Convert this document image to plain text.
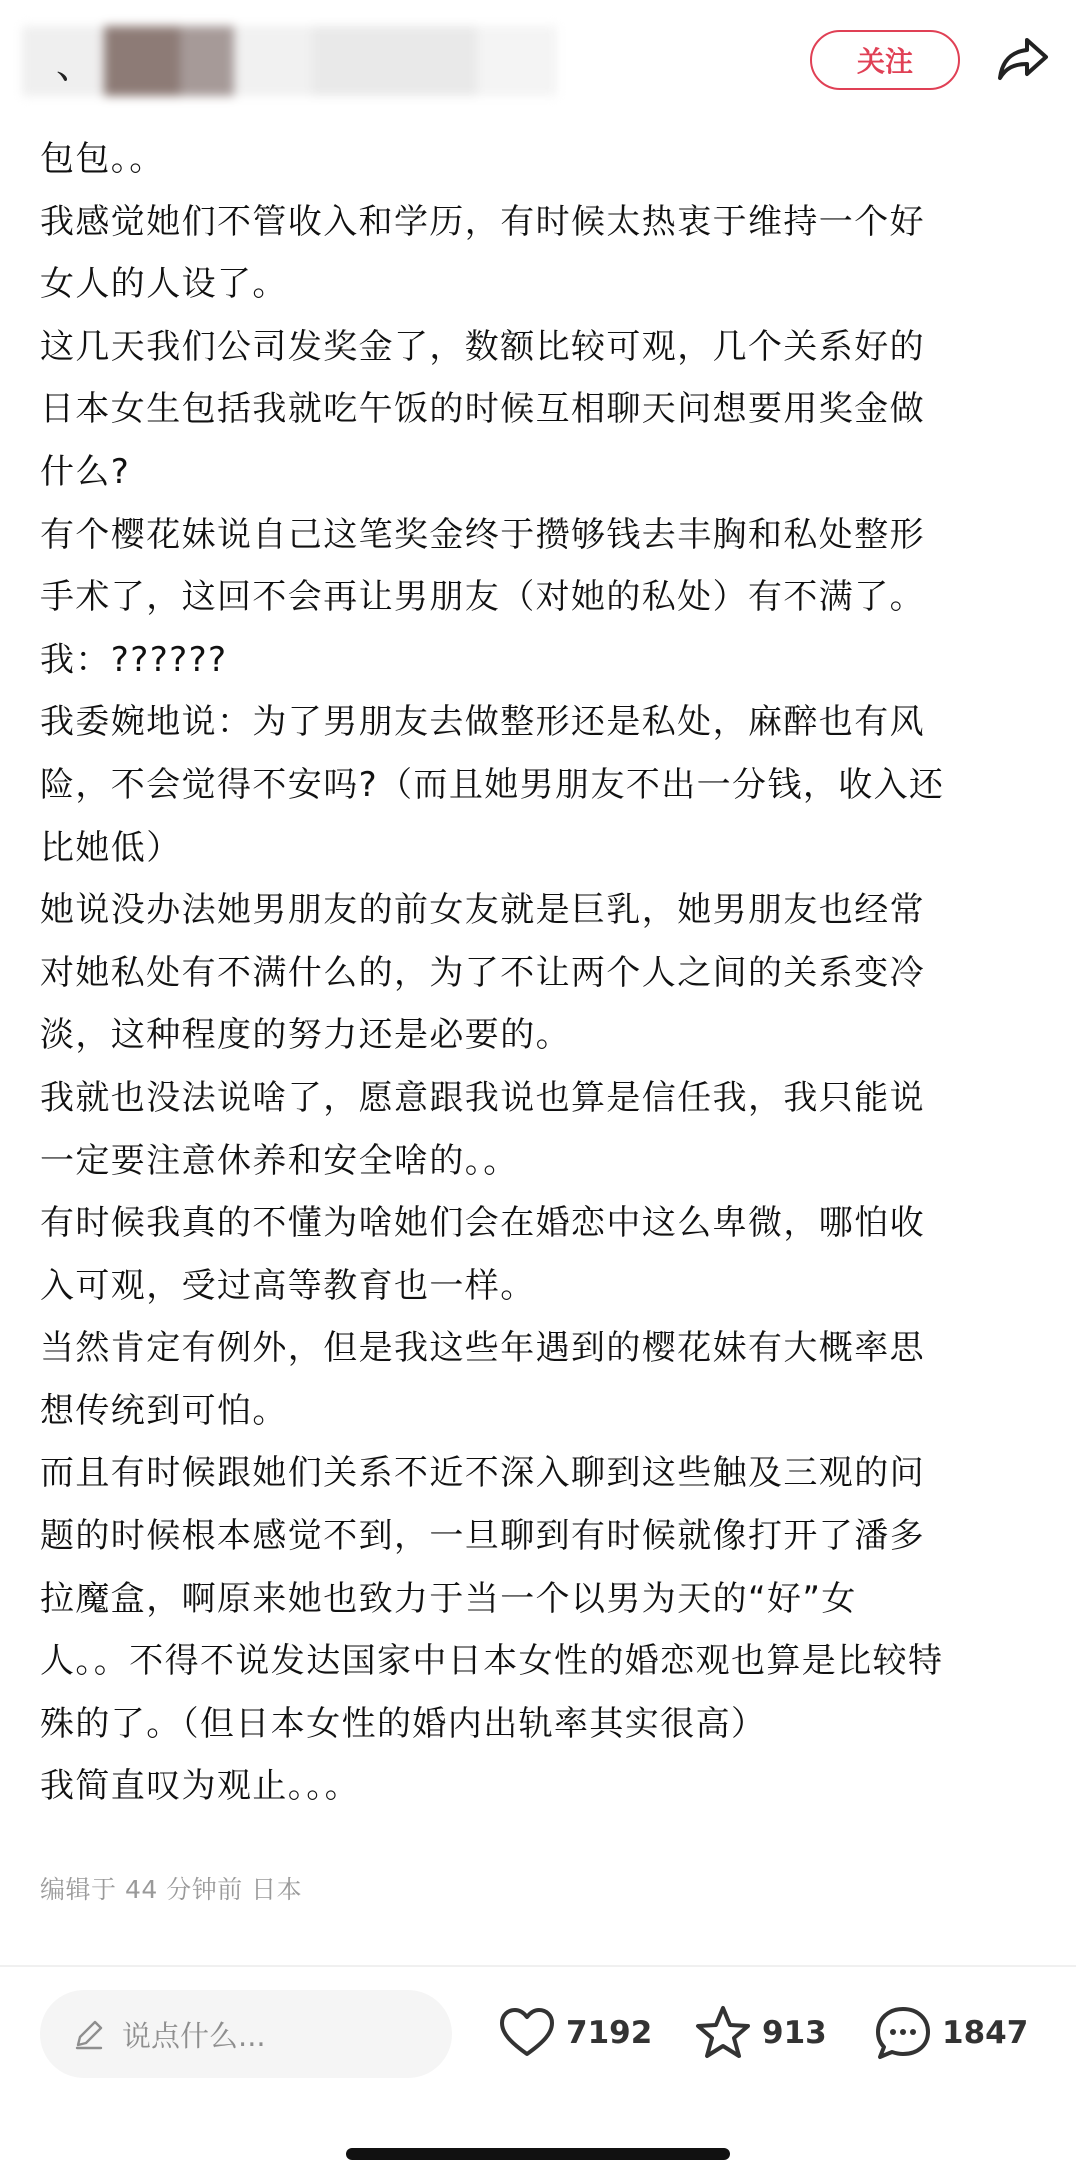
、	关注

包包。。

我感觉她们不管收入和学历，有时候太热衷于维持一个好

女人的人设了。

这几天我们公司发奖金了，数额比较可观，几个关系好的

日本女生包括我就吃午饭的时候互相聊天问想要用奖金做

什么?

有个樱花妹说自己这笔奖金终于攒够钱去丰胸和私处整形

手术了，这回不会再让男朋友（对她的私处）有不满了。

我：??????

我委婉地说：为了男朋友去做整形还是私处，麻醉也有风

险，不会觉得不安吗?（而且她男朋友不出一分钱，收入还

比她低）

她说没办法她男朋友的前女友就是巨乳，她男朋友也经常

对她私处有不满什么的，为了不让两个人之间的关系变冷

淡，这种程度的努力还是必要的。

我就也没法说啥了，愿意跟我说也算是信任我，我只能说

一定要注意休养和安全啥的。。

有时候我真的不懂为啥她们会在婚恋中这么卑微，哪怕收

入可观，受过高等教育也一样。

当然肯定有例外，但是我这些年遇到的樱花妹有大概率思

想传统到可怕。

而且有时候跟她们关系不近不深入聊到这些触及三观的问

题的时候根本感觉不到，一旦聊到有时候就像打开了潘多

拉魔盒，啊原来她也致力于当一个以男为天的“好”女

人。。不得不说发达国家中日本女性的婚恋观也算是比较特

殊的了。（但日本女性的婚内出轨率其实很高）

我简直叹为观止。。。

编辑于 44 分钟前 日本
说点什么...	7192	913	1847
